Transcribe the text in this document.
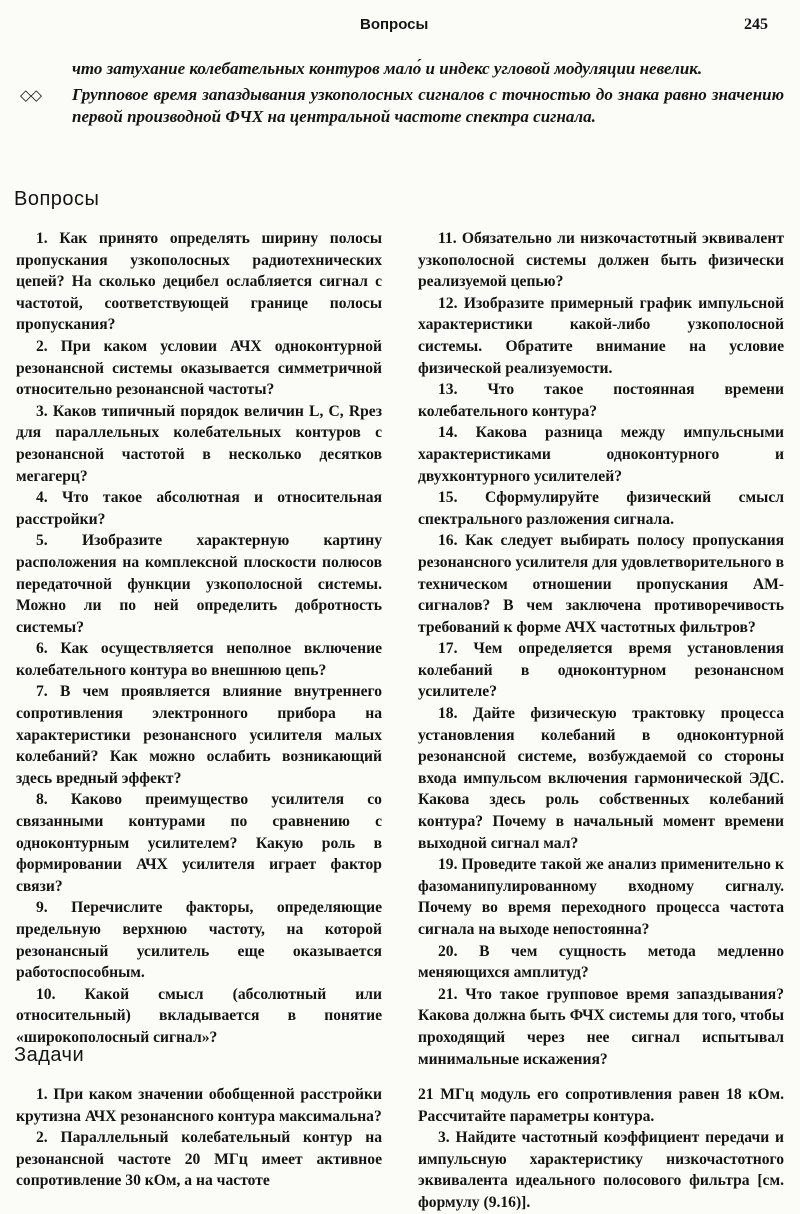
Вопросы	245
что затухание колебательных контуров мало́ и индекс угловой модуляции невелик.
◇◇ Групповое время запаздывания узкополосных сигналов с точностью до знака равно значению первой производной ФЧХ на центральной частоте спектра сигнала.
Вопросы

1. Как принято определять ширину полосы пропускания узкополосных радиотехнических цепей? На сколько децибел ослабляется сигнал с частотой, соответствующей границе полосы пропускания?

2. При каком условии АЧХ одноконтурной резонансной системы оказывается симметричной относительно резонансной частоты?

3. Каков типичный порядок величин L, C, Rрез для параллельных колебательных контуров с резонансной частотой в несколько десятков мегагерц?

4. Что такое абсолютная и относительная расстройки?

5. Изобразите характерную картину расположения на комплексной плоскости полюсов передаточной функции узкополосной системы. Можно ли по ней определить добротность системы?

6. Как осуществляется неполное включение колебательного контура во внешнюю цепь?

7. В чем проявляется влияние внутреннего сопротивления электронного прибора на характеристики резонансного усилителя малых колебаний? Как можно ослабить возникающий здесь вредный эффект?

8. Каково преимущество усилителя со связанными контурами по сравнению с одноконтурным усилителем? Какую роль в формировании АЧХ усилителя играет фактор связи?

9. Перечислите факторы, определяющие предельную верхнюю частоту, на которой резонансный усилитель еще оказывается работоспособным.

10. Какой смысл (абсолютный или относительный) вкладывается в понятие «широкополосный сигнал»?

11. Обязательно ли низкочастотный эквивалент узкополосной системы должен быть физически реализуемой цепью?

12. Изобразите примерный график импульсной характеристики какой-либо узкополосной системы. Обратите внимание на условие физической реализуемости.

13. Что такое постоянная времени колебательного контура?

14. Какова разница между импульсными характеристиками одноконтурного и двухконтурного усилителей?

15. Сформулируйте физический смысл спектрального разложения сигнала.

16. Как следует выбирать полосу пропускания резонансного усилителя для удовлетворительного в техническом отношении пропускания АМ-сигналов? В чем заключена противоречивость требований к форме АЧХ частотных фильтров?

17. Чем определяется время установления колебаний в одноконтурном резонансном усилителе?

18. Дайте физическую трактовку процесса установления колебаний в одноконтурной резонансной системе, возбуждаемой со стороны входа импульсом включения гармонической ЭДС. Какова здесь роль собственных колебаний контура? Почему в начальный момент времени выходной сигнал мал?

19. Проведите такой же анализ применительно к фазоманипулированному входному сигналу. Почему во время переходного процесса частота сигнала на выходе непостоянна?

20. В чем сущность метода медленно меняющихся амплитуд?

21. Что такое групповое время запаздывания? Какова должна быть ФЧХ системы для того, чтобы проходящий через нее сигнал испытывал минимальные искажения?

Задачи

1. При каком значении обобщенной расстройки крутизна АЧХ резонансного контура максимальна?

2. Параллельный колебательный контур на резонансной частоте 20 МГц имеет активное сопротивление 30 кОм, а на частоте

21 МГц модуль его сопротивления равен 18 кОм. Рассчитайте параметры контура.

3. Найдите частотный коэффициент передачи и импульсную характеристику низкочастотного эквивалента идеального полосового фильтра [см. формулу (9.16)].
